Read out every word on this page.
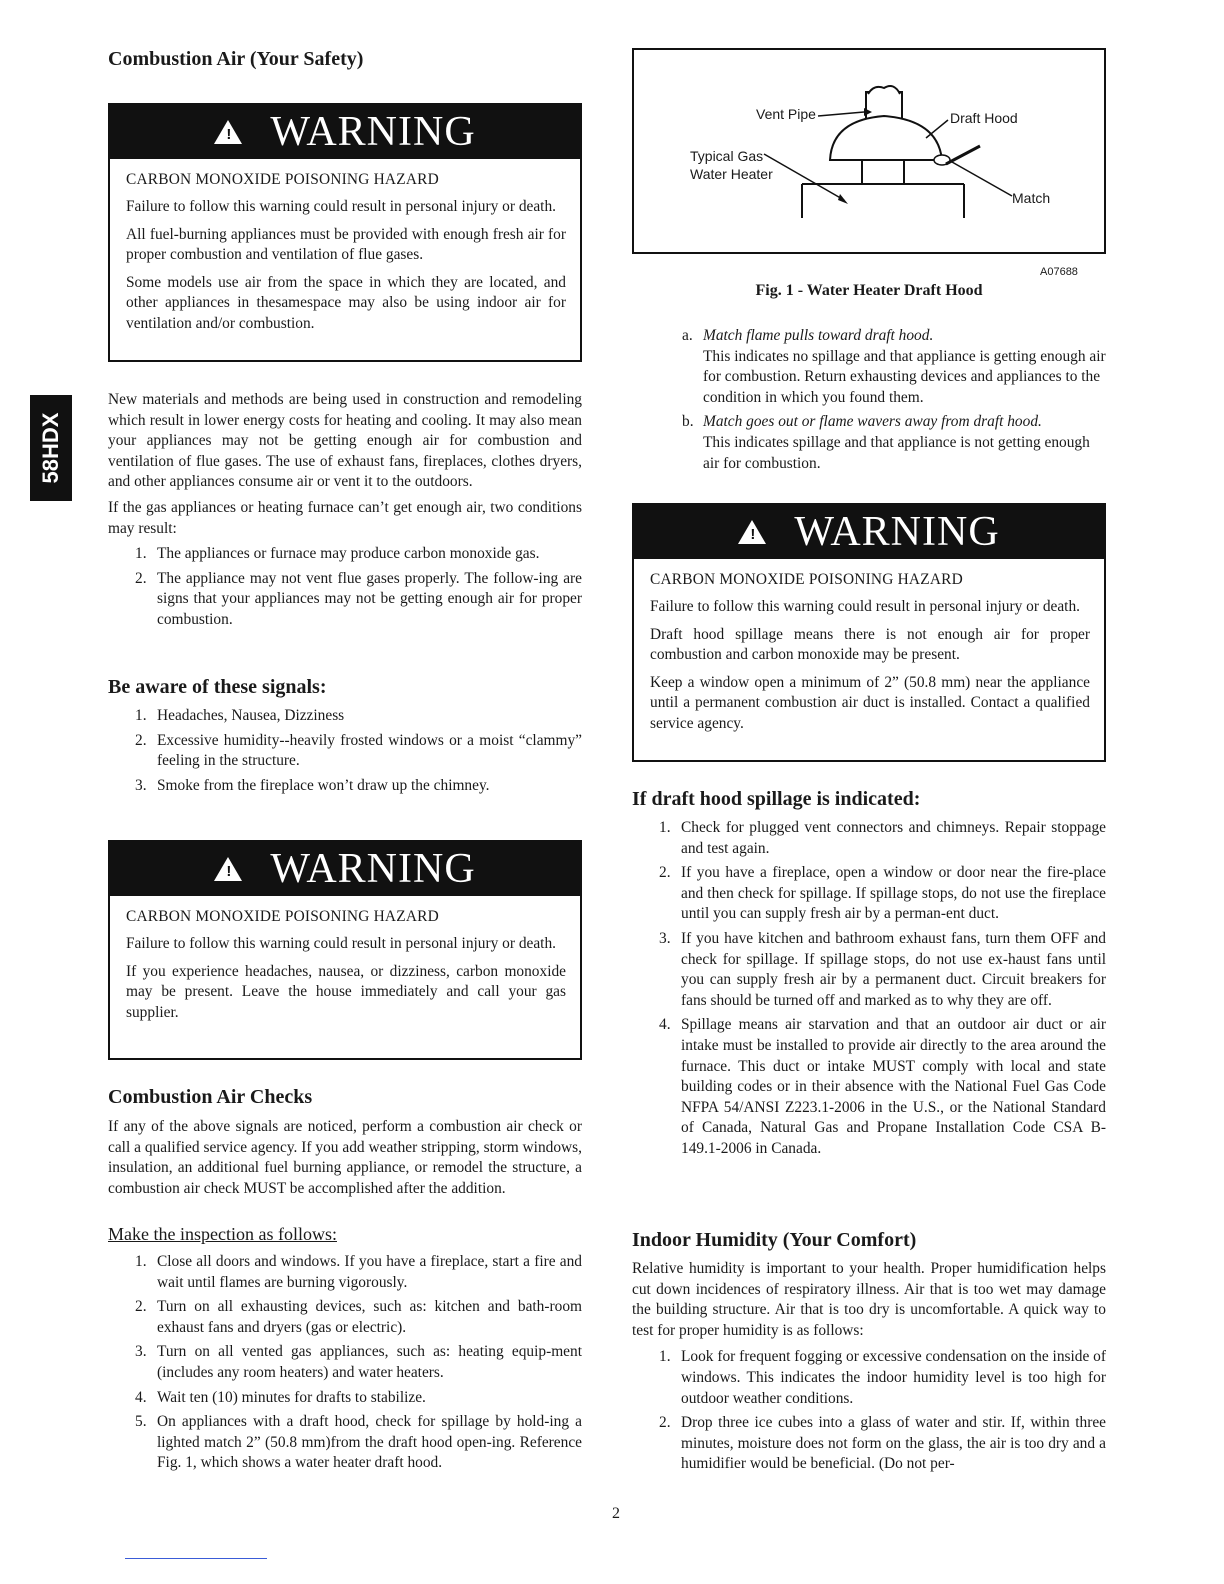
58HDX
Combustion Air (Your Safety)
! WARNING
CARBON MONOXIDE POISONING HAZARD

Failure to follow this warning could result in personal injury or death.

All fuel-burning appliances must be provided with enough fresh air for proper combustion and ventilation of flue gases.

Some models use air from the space in which they are located, and other appliances in thesamespace may also be using indoor air for ventilation and/or combustion.

New materials and methods are being used in construction and remodeling which result in lower energy costs for heating and cooling. It may also mean your appliances may not be getting enough air for combustion and ventilation of flue gases. The use of exhaust fans, fireplaces, clothes dryers, and other appliances consume air or vent it to the outdoors.

If the gas appliances or heating furnace can’t get enough air, two conditions may result:

1. The appliances or furnace may produce carbon monoxide gas.
2. The appliance may not vent flue gases properly. The follow-ing are signs that your appliances may not be getting enough air for proper combustion.
Be aware of these signals:
1. Headaches, Nausea, Dizziness
2. Excessive humidity--heavily frosted windows or a moist “clammy” feeling in the structure.
3. Smoke from the fireplace won’t draw up the chimney.
! WARNING
CARBON MONOXIDE POISONING HAZARD

Failure to follow this warning could result in personal injury or death.

If you experience headaches, nausea, or dizziness, carbon monoxide may be present. Leave the house immediately and call your gas supplier.

Combustion Air Checks

If any of the above signals are noticed, perform a combustion air check or call a qualified service agency. If you add weather stripping, storm windows, insulation, an additional fuel burning appliance, or remodel the structure, a combustion air check MUST be accomplished after the addition.

Make the inspection as follows:
1. Close all doors and windows. If you have a fireplace, start a fire and wait until flames are burning vigorously.
2. Turn on all exhausting devices, such as: kitchen and bath-room exhaust fans and dryers (gas or electric).
3. Turn on all vented gas appliances, such as: heating equip-ment (includes any room heaters) and water heaters.
4. Wait ten (10) minutes for drafts to stabilize.
5. On appliances with a draft hood, check for spillage by hold-ing a lighted match 2” (50.8 mm)from the draft hood open-ing. Reference Fig. 1, which shows a water heater draft hood.
Vent Pipe	Draft Hood
Typical Gas
Water Heater
Match
A07688
Fig. 1 - Water Heater Draft Hood
a. Match flame pulls toward draft hood.
This indicates no spillage and that appliance is getting enough air for combustion. Return exhausting devices and appliances to the condition in which you found them.
b. Match goes out or flame wavers away from draft hood.
This indicates spillage and that appliance is not getting enough air for combustion.
! WARNING
CARBON MONOXIDE POISONING HAZARD

Failure to follow this warning could result in personal injury or death.

Draft hood spillage means there is not enough air for proper combustion and carbon monoxide may be present.

Keep a window open a minimum of 2” (50.8 mm) near the appliance until a permanent combustion air duct is installed. Contact a qualified service agency.

If draft hood spillage is indicated:
1. Check for plugged vent connectors and chimneys. Repair stoppage and test again.
2. If you have a fireplace, open a window or door near the fire-place and then check for spillage. If spillage stops, do not use the fireplace until you can supply fresh air by a perman-ent duct.
3. If you have kitchen and bathroom exhaust fans, turn them OFF and check for spillage. If spillage stops, do not use ex-haust fans until you can supply fresh air by a permanent duct. Circuit breakers for fans should be turned off and marked as to why they are off.
4. Spillage means air starvation and that an outdoor air duct or air intake must be installed to provide air directly to the area around the furnace. This duct or intake MUST comply with local and state building codes or in their absence with the National Fuel Gas Code NFPA 54/ANSI Z223.1-2006 in the U.S., or the National Standard of Canada, Natural Gas and Propane Installation Code CSA B-149.1-2006 in Canada.
Indoor Humidity (Your Comfort)

Relative humidity is important to your health. Proper humidification helps cut down incidences of respiratory illness. Air that is too wet may damage the building structure. Air that is too dry is uncomfortable. A quick way to test for proper humidity is as follows:

1. Look for frequent fogging or excessive condensation on the inside of windows. This indicates the indoor humidity level is too high for outdoor weather conditions.
2. Drop three ice cubes into a glass of water and stir. If, within three minutes, moisture does not form on the glass, the air is too dry and a humidifier would be beneficial. (Do not per-
2
